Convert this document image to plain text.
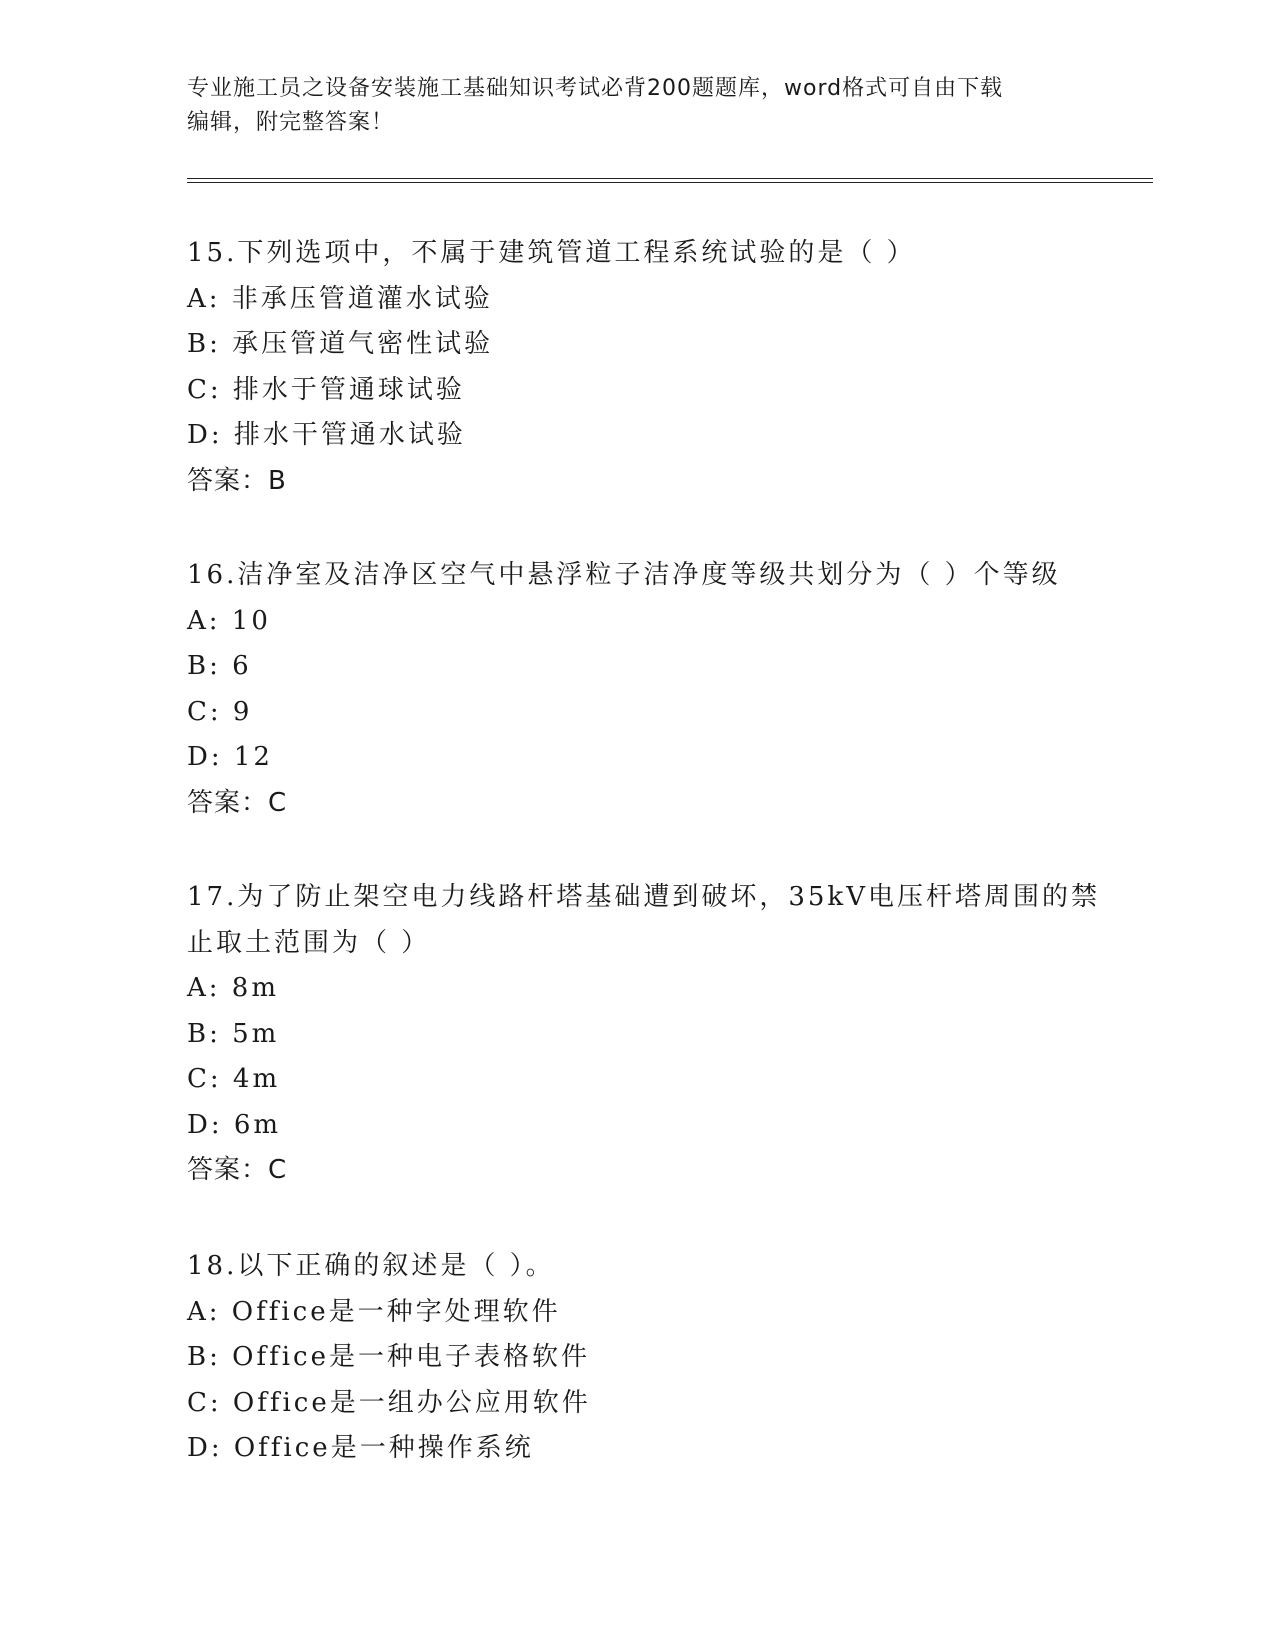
专业施工员之设备安装施工基础知识考试必背200题题库，word格式可自由下载
编辑，附完整答案！
15.下列选项中，不属于建筑管道工程系统试验的是（ ）
A: 非承压管道灌水试验
B: 承压管道气密性试验
C: 排水于管通球试验
D: 排水干管通水试验
答案：B
16.洁净室及洁净区空气中悬浮粒子洁净度等级共划分为（ ）个等级
A: 10
B: 6
C: 9
D: 12
答案：C
17.为了防止架空电力线路杆塔基础遭到破坏，35kV电压杆塔周围的禁
止取土范围为（ ）
A: 8m
B: 5m
C: 4m
D: 6m
答案：C
18.以下正确的叙述是（ ）。
A: Office是一种字处理软件
B: Office是一种电子表格软件
C: Office是一组办公应用软件
D: Office是一种操作系统
